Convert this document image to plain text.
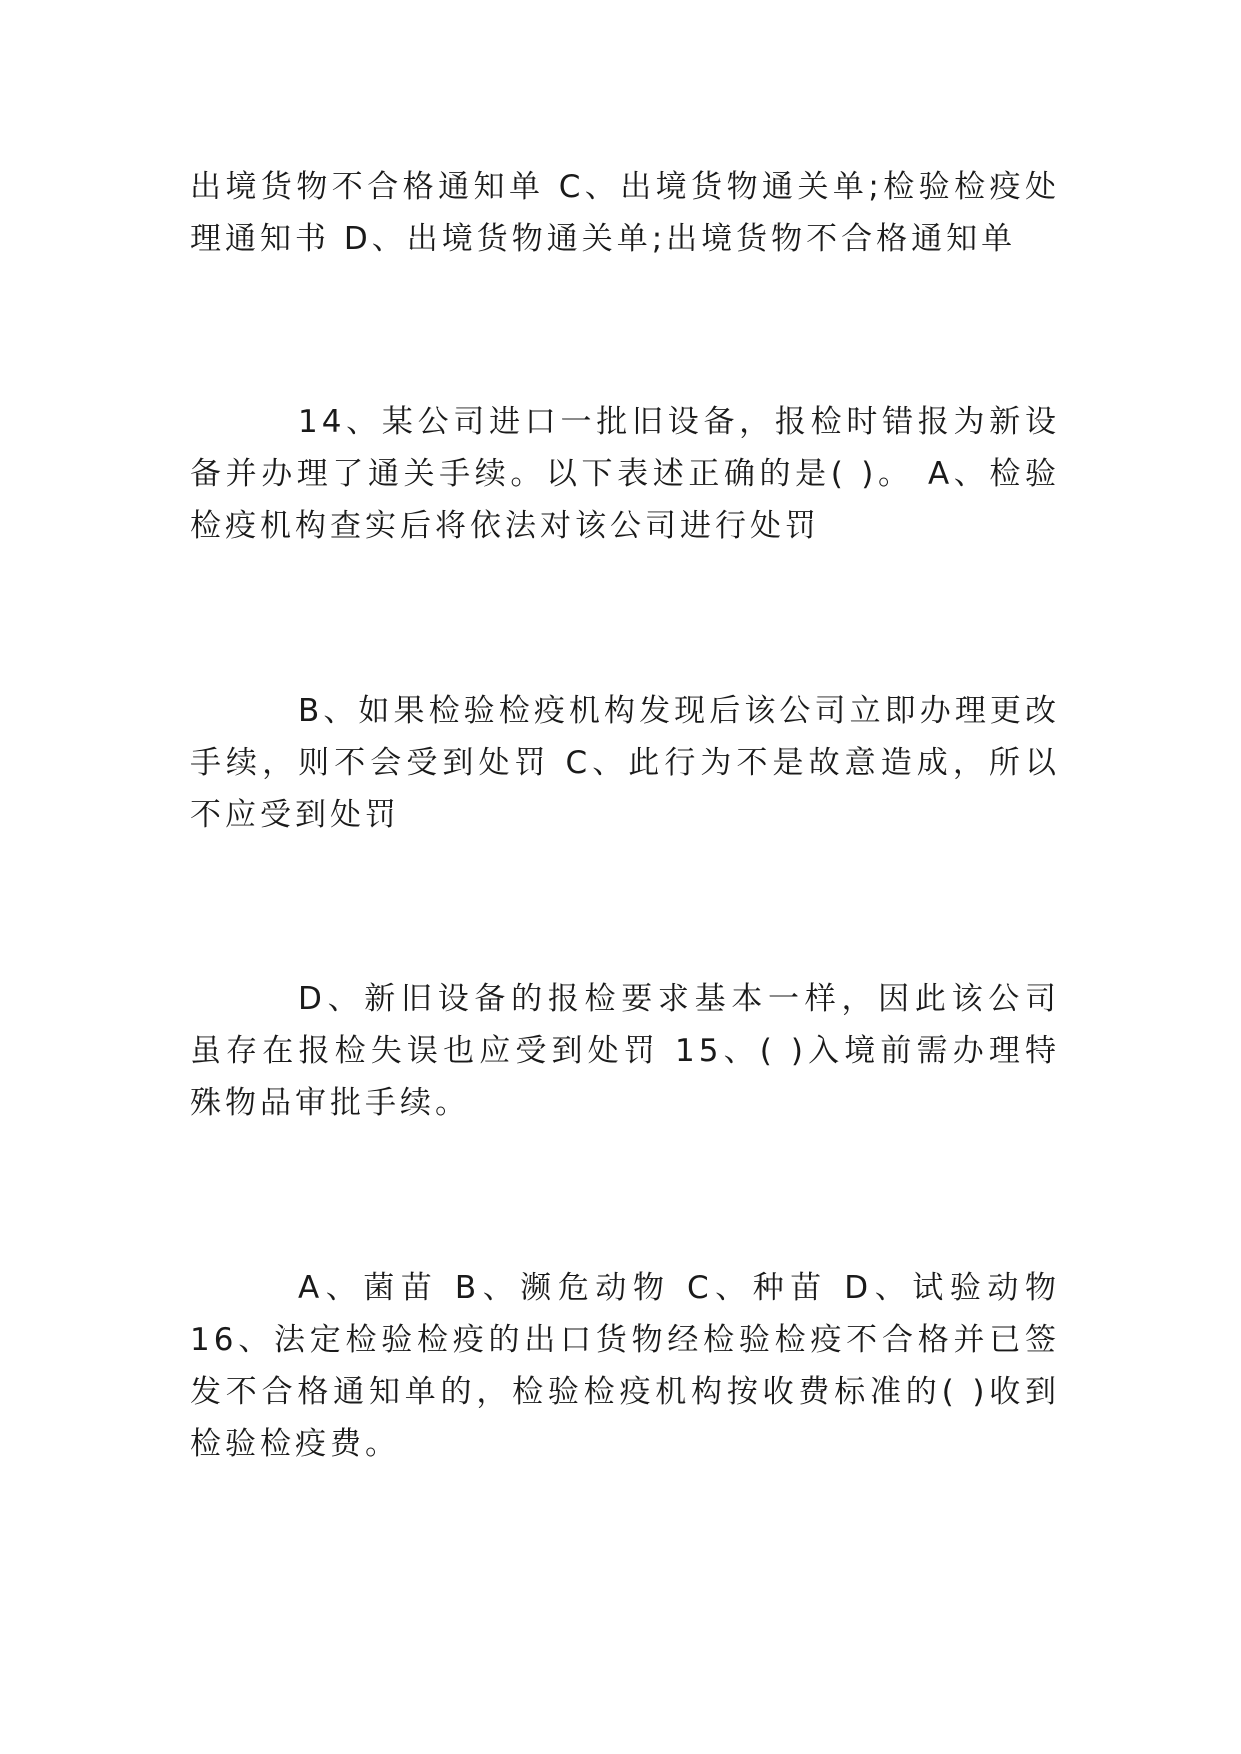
出境货物不合格通知单 C、出境货物通关单;检验检疫处理通知书 D、出境货物通关单;出境货物不合格通知单

14、某公司进口一批旧设备，报检时错报为新设备并办理了通关手续。以下表述正确的是( )。 A、检验检疫机构查实后将依法对该公司进行处罚

B、如果检验检疫机构发现后该公司立即办理更改手续，则不会受到处罚 C、此行为不是故意造成，所以不应受到处罚

D、新旧设备的报检要求基本一样，因此该公司虽存在报检失误也应受到处罚 15、( )入境前需办理特殊物品审批手续。

A、菌苗 B、濒危动物 C、种苗 D、试验动物 16、法定检验检疫的出口货物经检验检疫不合格并已签发不合格通知单的，检验检疫机构按收费标准的( )收到检验检疫费。
